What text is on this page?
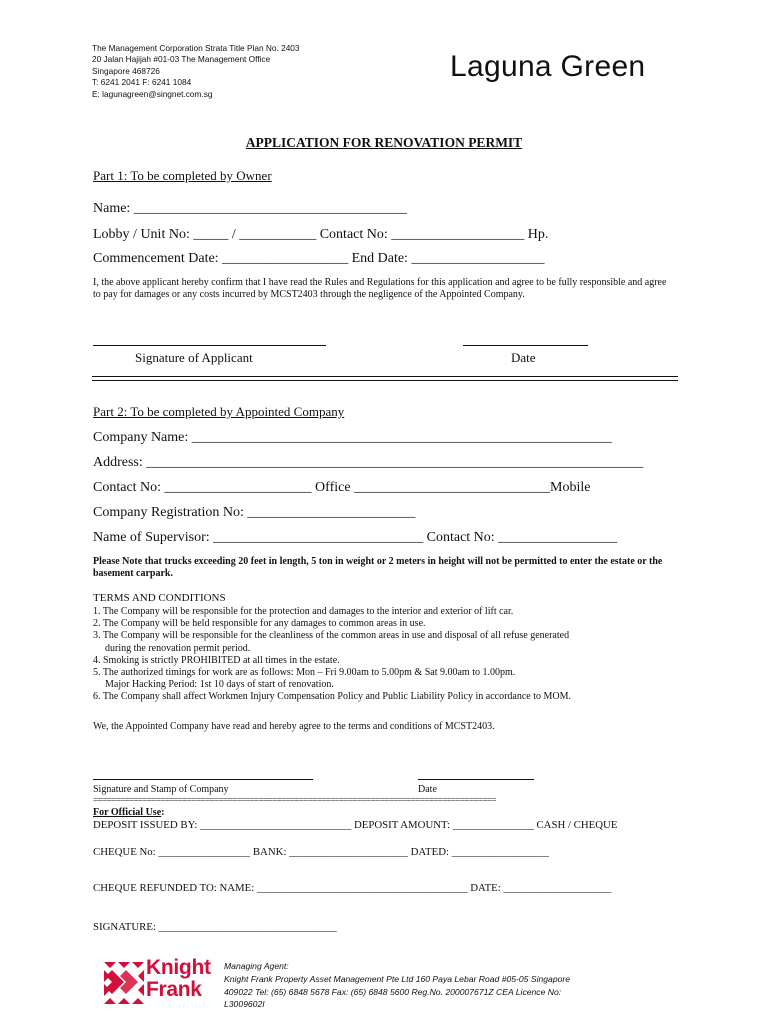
The Management Corporation Strata Title Plan No. 2403
20 Jalan Hajijah #01-03 The Management Office
Singapore 468726
T: 6241 2041 F: 6241 1084
E: lagunagreen@singnet.com.sg
Laguna Green
APPLICATION FOR RENOVATION PERMIT
Part 1: To be completed by Owner
Name: _______________________________________
Lobby / Unit No: _____ / ___________ Contact No: ___________________ Hp.
Commencement Date: __________________ End Date: ___________________
I, the above applicant hereby confirm that I have read the Rules and Regulations for this application and agree to be fully responsible and agree to pay for damages or any costs incurred by MCST2403 through the negligence of the Appointed Company.
Signature of Applicant	Date
Part 2: To be completed by Appointed Company
Company Name: ____________________________________________________________
Address: _______________________________________________________________________
Contact No: _____________________ Office ____________________________Mobile
Company Registration No: ________________________
Name of Supervisor: ______________________________ Contact No: _________________
Please Note that trucks exceeding 20 feet in length, 5 ton in weight or 2 meters in height will not be permitted to enter the estate or the basement carpark.
TERMS AND CONDITIONS
1. The Company will be responsible for the protection and damages to the interior and exterior of lift car.
2. The Company will be held responsible for any damages to common areas in use.
3. The Company will be responsible for the cleanliness of the common areas in use and disposal of all refuse generated
during the renovation permit period.
4. Smoking is strictly PROHIBITED at all times in the estate.
5. The authorized timings for work are as follows: Mon – Fri 9.00am to 5.00pm & Sat 9.00am to 1.00pm.
Major Hacking Period: 1st 10 days of start of renovation.
6. The Company shall affect Workmen Injury Compensation Policy and Public Liability Policy in accordance to MOM.
We, the Appointed Company have read and hereby agree to the terms and conditions of MCST2403.
Signature and Stamp of Company	Date
==========================================================================================
For Official Use:
DEPOSIT ISSUED BY: ____________________________ DEPOSIT AMOUNT: _______________ CASH / CHEQUE
CHEQUE No: _________________ BANK: ______________________ DATED: __________________
CHEQUE REFUNDED TO: NAME: _______________________________________ DATE: ____________________
SIGNATURE: _________________________________
Knight
Frank
Managing Agent:
Knight Frank Property Asset Management Pte Ltd 160 Paya Lebar Road #05-05 Singapore
409022 Tel: (65) 6848 5678 Fax: (65) 6848 5600 Reg.No. 200007671Z CEA Licence No:
L3009602I
